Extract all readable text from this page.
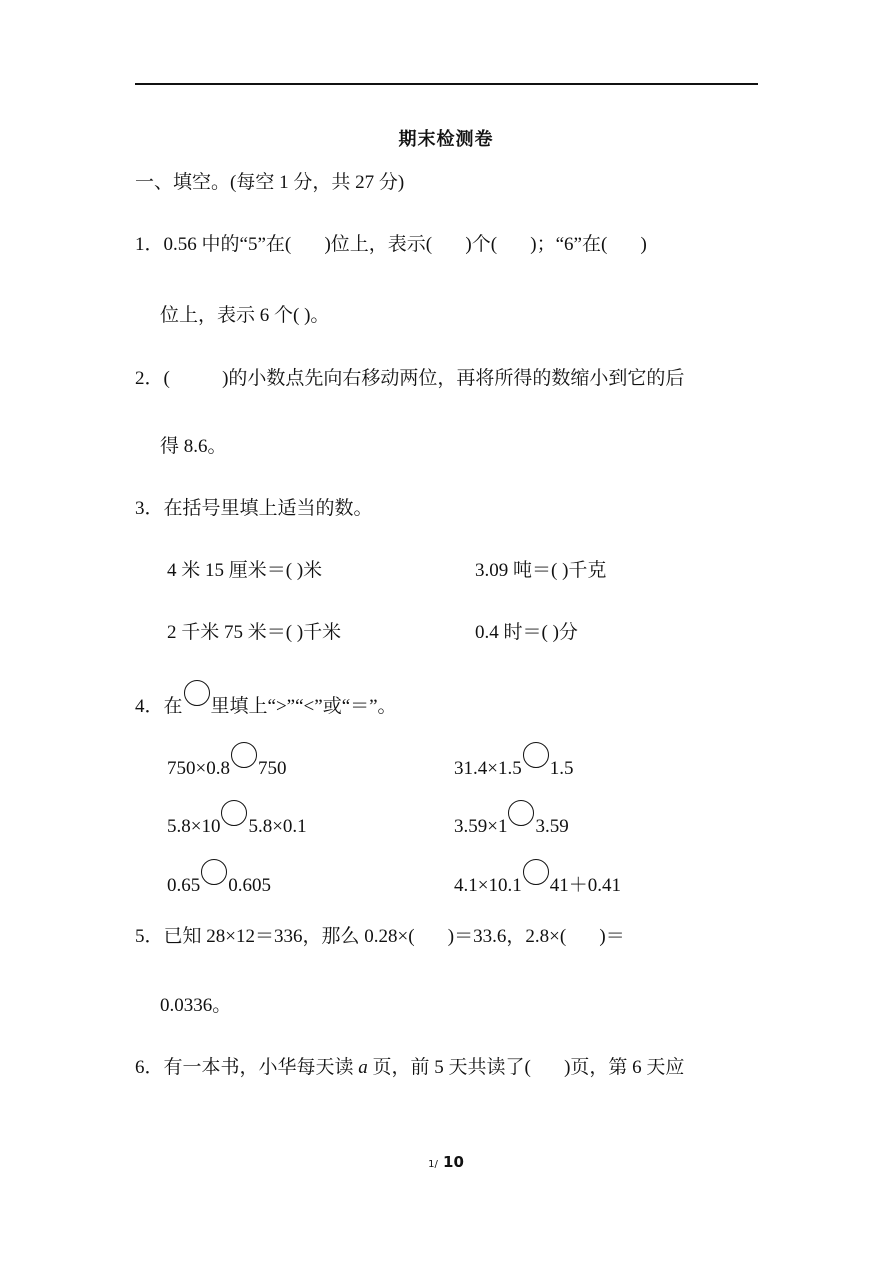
期末检测卷
一、填空。(每空 1 分，共 27 分)
1．0.56 中的“5”在(       )位上，表示(       )个(       )；“6”在(       )
位上，表示 6 个( )。
2．(           )的小数点先向右移动两位，再将所得的数缩小到它的后
得 8.6。
3．在括号里填上适当的数。
4 米 15 厘米＝( )米	3.09 吨＝( )千克
2 千米 75 米＝( )千米	0.4 时＝( )分
4．在 里填上“>”“<”或“＝”。
750×0.8 750	31.4×1.5 1.5
5.8×10 5.8×0.1	3.59×1 3.59
0.65 0.605	4.1×10.1 41＋0.41
5．已知 28×12＝336，那么 0.28×(       )＝33.6，2.8×(       )＝
0.0336。
6．有一本书，小华每天读 a 页，前 5 天共读了(       )页，第 6 天应
1/ 10
